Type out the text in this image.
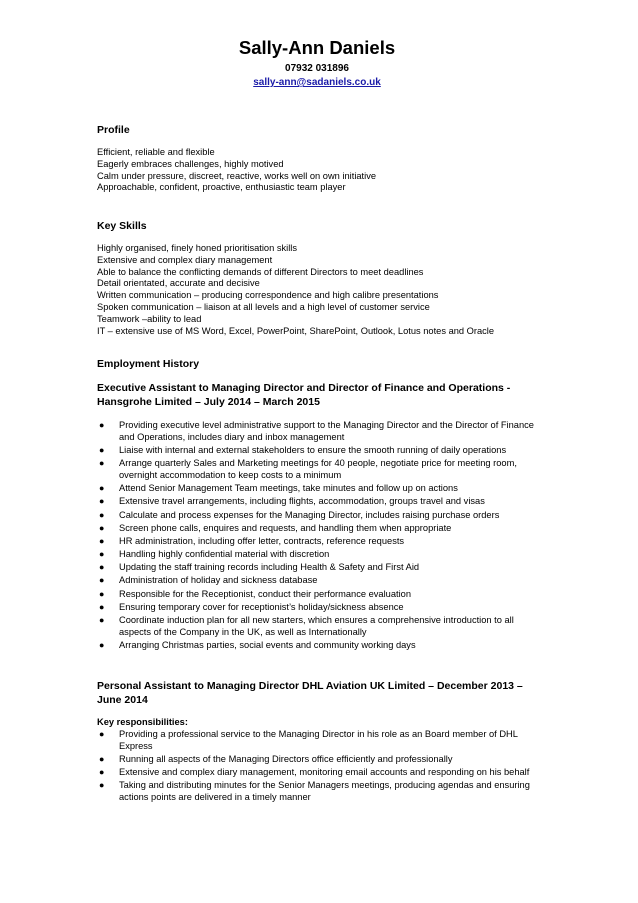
Sally-Ann Daniels
07932 031896
sally-ann@sadaniels.co.uk
Profile
Efficient, reliable and flexible
Eagerly embraces challenges, highly motived
Calm under pressure, discreet, reactive, works well on own initiative
Approachable, confident, proactive, enthusiastic team player
Key Skills
Highly organised, finely honed prioritisation skills
Extensive and complex diary management
Able to balance the conflicting demands of different Directors to meet deadlines
Detail orientated, accurate and decisive
Written communication – producing correspondence and high calibre presentations
Spoken communication – liaison at all levels and a high level of customer service
Teamwork –ability to lead
IT – extensive use of MS Word, Excel, PowerPoint, SharePoint, Outlook, Lotus notes and Oracle
Employment History
Executive Assistant to Managing Director and Director of Finance and Operations - Hansgrohe Limited – July 2014 – March 2015
●	Providing executive level administrative support to the Managing Director and the Director of Finance and Operations, includes diary and inbox management
●	Liaise with internal and external stakeholders to ensure the smooth running of daily operations
●	Arrange quarterly Sales and Marketing meetings for 40 people, negotiate price for meeting room, overnight accommodation to keep costs to a minimum
●	Attend Senior Management Team meetings, take minutes and follow up on actions
●	Extensive travel arrangements, including flights, accommodation, groups travel and visas
●	Calculate and process expenses for the Managing Director, includes raising purchase orders
●	Screen phone calls, enquires and requests, and handling them when appropriate
●	HR administration, including offer letter, contracts, reference requests
●	Handling highly confidential material with discretion
●	Updating the staff training records including Health & Safety and First Aid
●	Administration of holiday and sickness database
●	Responsible for the Receptionist, conduct their performance evaluation
●	Ensuring temporary cover for receptionist’s holiday/sickness absence
●	Coordinate induction plan for all new starters, which ensures a comprehensive introduction to all aspects of the Company in the UK, as well as Internationally
●	Arranging Christmas parties, social events and community working days
Personal Assistant to Managing Director DHL Aviation UK Limited – December 2013 – June 2014
Key responsibilities:
●	Providing a professional service to the Managing Director in his role as an Board member of DHL Express
●	Running all aspects of the Managing Directors office efficiently and professionally
●	Extensive and complex diary management, monitoring email accounts and responding on his behalf
●	Taking and distributing minutes for the Senior Managers meetings, producing agendas and ensuring actions points are delivered in a timely manner
